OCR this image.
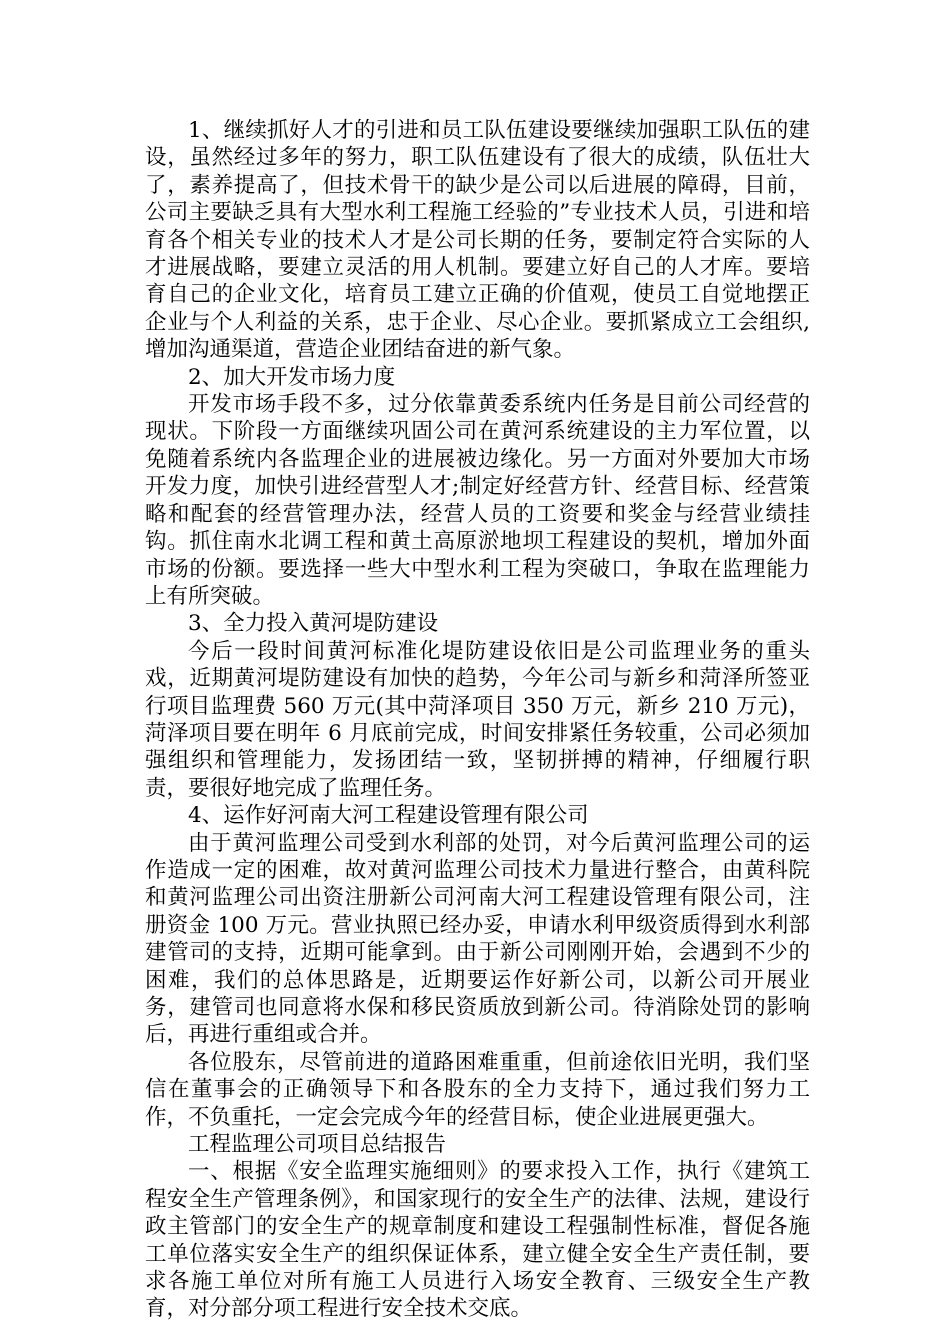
1、继续抓好人才的引进和员工队伍建设要继续加强职工队伍的建设，虽然经过多年的努力，职工队伍建设有了很大的成绩，队伍壮大了，素养提高了，但技术骨干的缺少是公司以后进展的障碍，目前，公司主要缺乏具有大型水利工程施工经验的”专业技术人员，引进和培育各个相关专业的技术人才是公司长期的任务，要制定符合实际的人才进展战略，要建立灵活的用人机制。要建立好自己的人才库。要培育自己的企业文化，培育员工建立正确的价值观，使员工自觉地摆正企业与个人利益的关系，忠于企业、尽心企业。要抓紧成立工会组织,增加沟通渠道，营造企业团结奋进的新气象。

2、加大开发市场力度

开发市场手段不多，过分依靠黄委系统内任务是目前公司经营的现状。下阶段一方面继续巩固公司在黄河系统建设的主力军位置，以免随着系统内各监理企业的进展被边缘化。另一方面对外要加大市场开发力度，加快引进经营型人才;制定好经营方针、经营目标、经营策略和配套的经营管理办法，经营人员的工资要和奖金与经营业绩挂钩。抓住南水北调工程和黄土高原淤地坝工程建设的契机，增加外面市场的份额。要选择一些大中型水利工程为突破口，争取在监理能力上有所突破。

3、全力投入黄河堤防建设

今后一段时间黄河标准化堤防建设依旧是公司监理业务的重头戏，近期黄河堤防建设有加快的趋势，今年公司与新乡和菏泽所签亚行项目监理费 560 万元(其中菏泽项目 350 万元，新乡 210 万元)，菏泽项目要在明年 6 月底前完成，时间安排紧任务较重，公司必须加强组织和管理能力，发扬团结一致，坚韧拼搏的精神，仔细履行职责，要很好地完成了监理任务。

4、运作好河南大河工程建设管理有限公司

由于黄河监理公司受到水利部的处罚，对今后黄河监理公司的运作造成一定的困难，故对黄河监理公司技术力量进行整合，由黄科院和黄河监理公司出资注册新公司河南大河工程建设管理有限公司，注册资金 100 万元。营业执照已经办妥，申请水利甲级资质得到水利部建管司的支持，近期可能拿到。由于新公司刚刚开始，会遇到不少的困难，我们的总体思路是，近期要运作好新公司，以新公司开展业务，建管司也同意将水保和移民资质放到新公司。待消除处罚的影响后，再进行重组或合并。

各位股东，尽管前进的道路困难重重，但前途依旧光明，我们坚信在董事会的正确领导下和各股东的全力支持下，通过我们努力工作，不负重托，一定会完成今年的经营目标，使企业进展更强大。

工程监理公司项目总结报告

一、根据《安全监理实施细则》的要求投入工作，执行《建筑工程安全生产管理条例》，和国家现行的安全生产的法律、法规，建设行政主管部门的安全生产的规章制度和建设工程强制性标准，督促各施工单位落实安全生产的组织保证体系，建立健全安全生产责任制，要求各施工单位对所有施工人员进行入场安全教育、三级安全生产教育，对分部分项工程进行安全技术交底。
